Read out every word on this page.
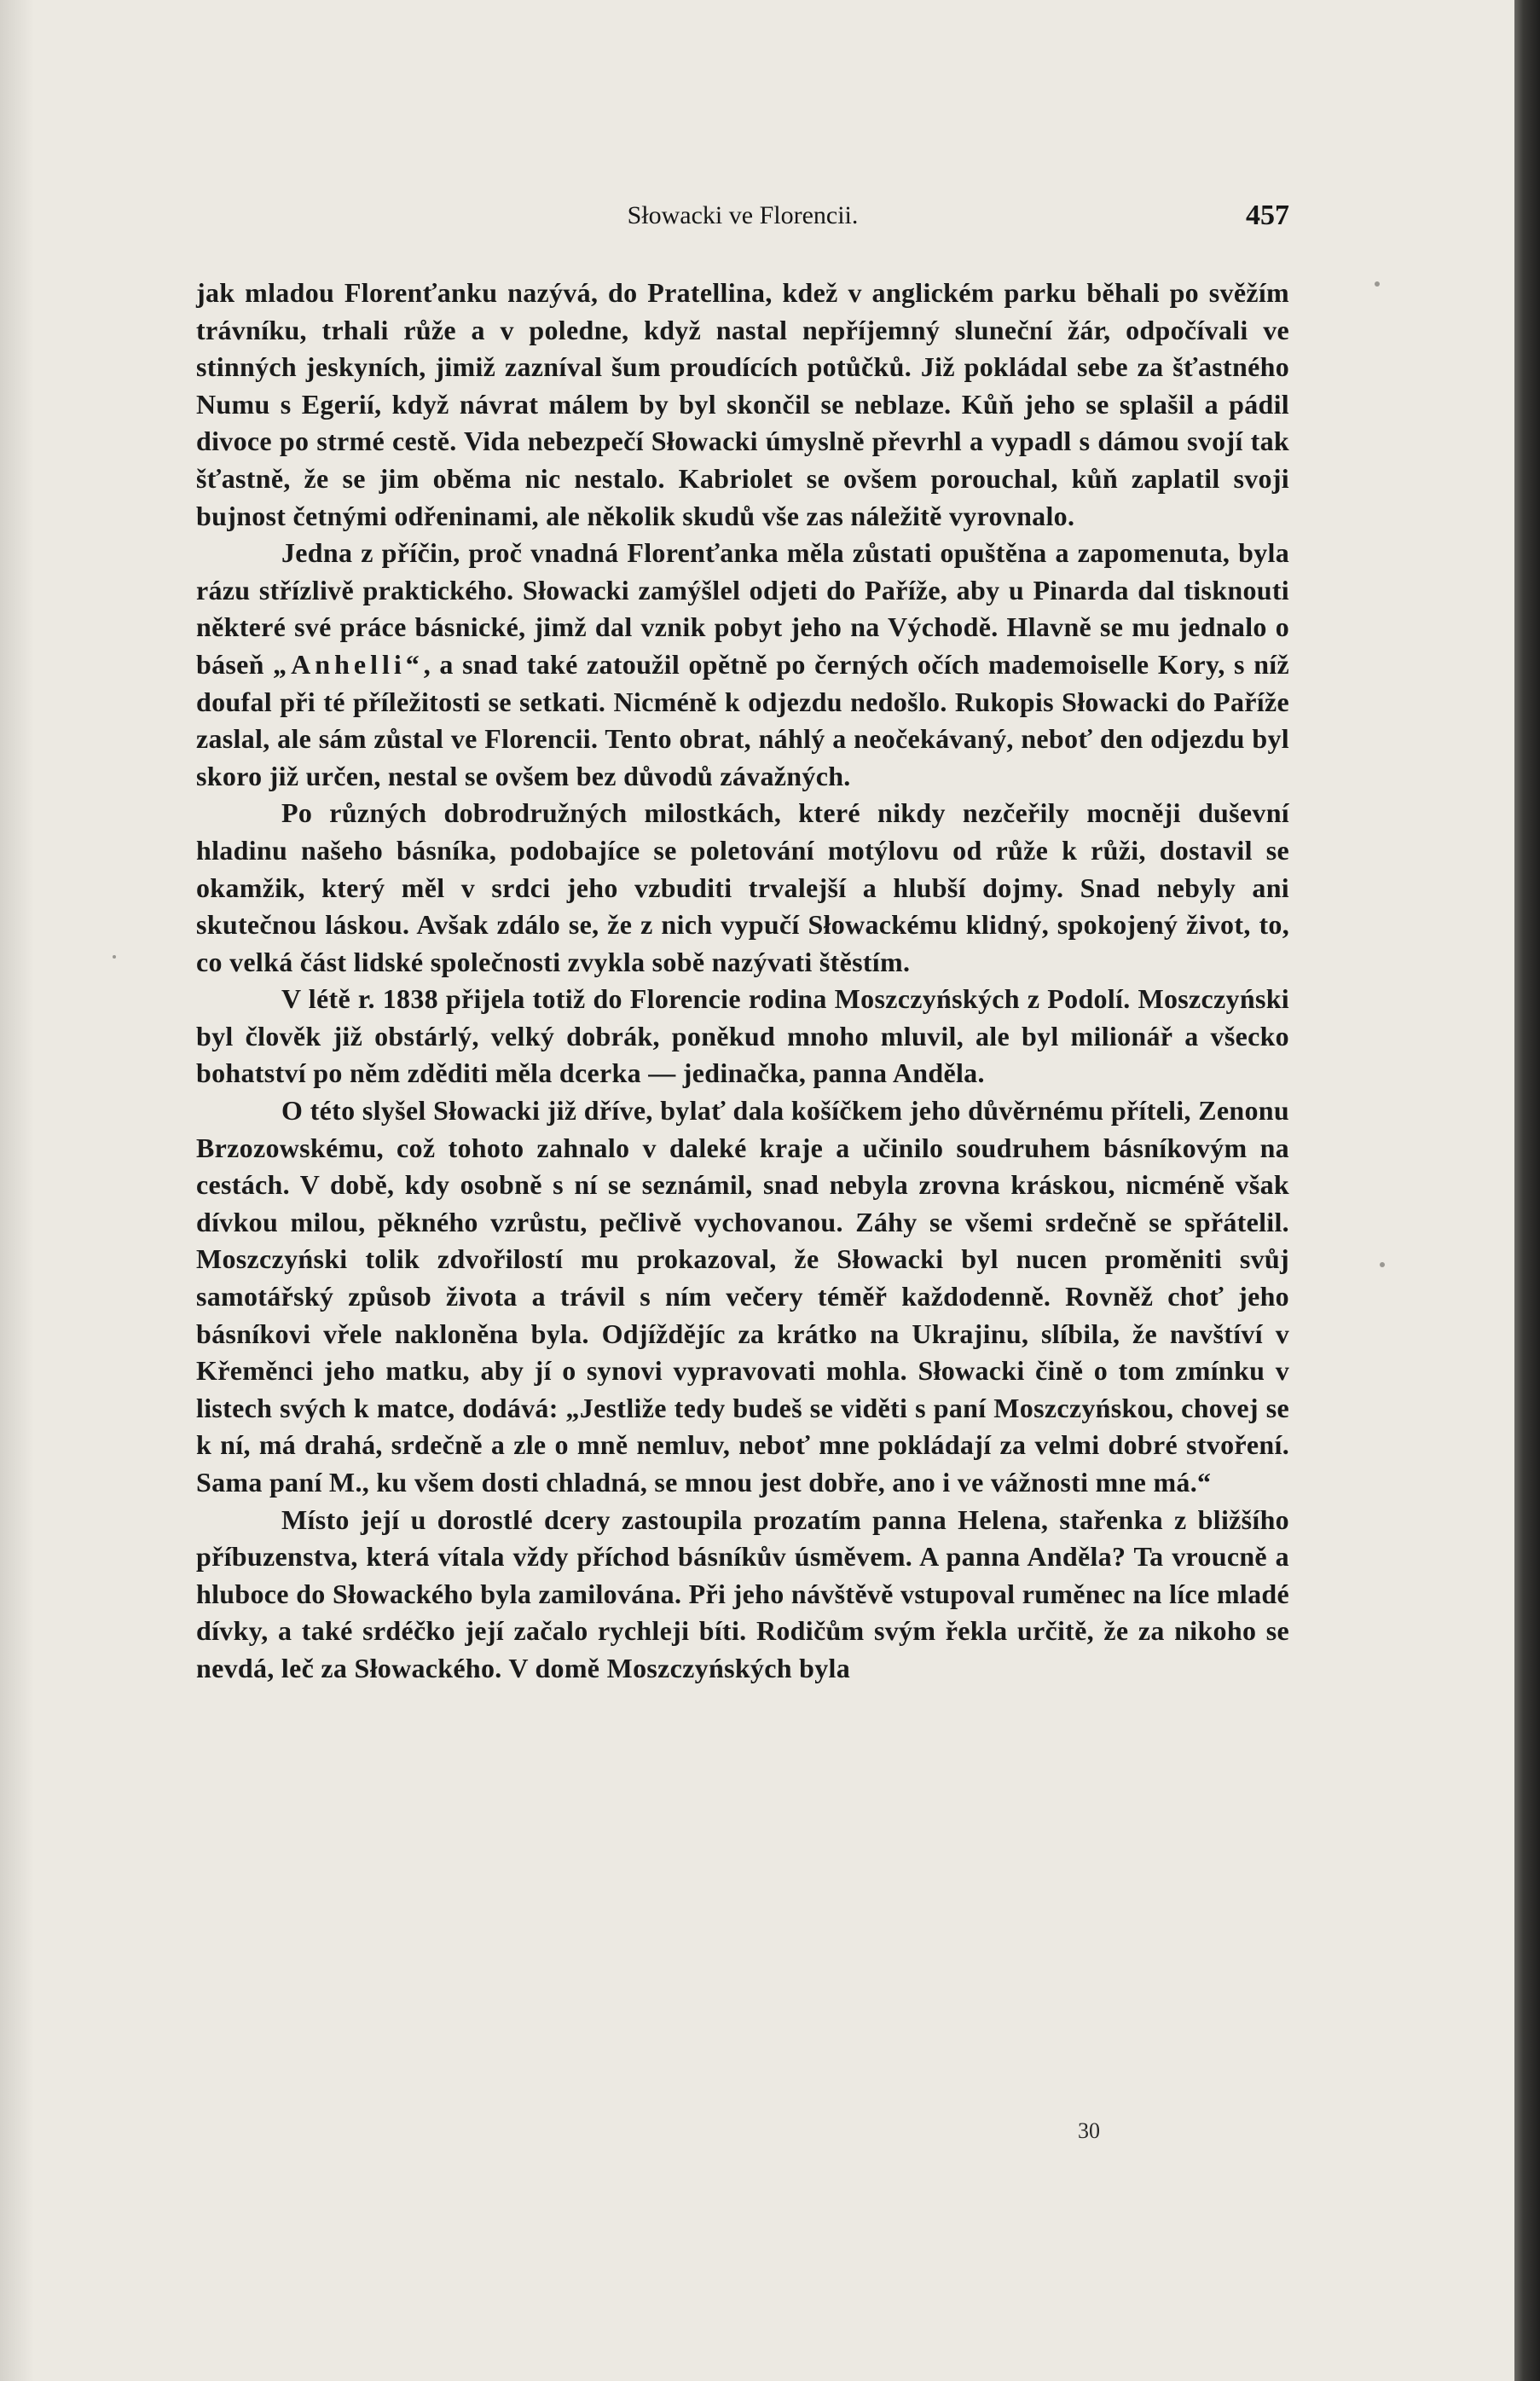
Słowacki ve Florencii.	457

jak mladou Florenťanku nazývá, do Pratellina, kdež v anglickém parku běhali po svěžím trávníku, trhali růže a v poledne, když nastal nepříjemný sluneční žár, odpočívali ve stinných jeskyních, jimiž zazníval šum proudících potůčků. Již pokládal sebe za šťastného Numu s Egerií, když návrat málem by byl skončil se neblaze. Kůň jeho se splašil a pádil divoce po strmé cestě. Vida nebezpečí Słowacki úmyslně převrhl a vypadl s dámou svojí tak šťastně, že se jim oběma nic nestalo. Kabriolet se ovšem porouchal, kůň zaplatil svoji bujnost četnými odřeninami, ale několik skudů vše zas náležitě vyrovnalo.

Jedna z příčin, proč vnadná Florenťanka měla zůstati opuštěna a zapomenuta, byla rázu střízlivě praktického. Słowacki zamýšlel odjeti do Paříže, aby u Pinarda dal tisknouti některé své práce básnické, jimž dal vznik pobyt jeho na Východě. Hlavně se mu jednalo o báseň „Anhelli“, a snad také zatoužil opětně po černých očích mademoiselle Kory, s níž doufal při té příležitosti se setkati. Nicméně k odjezdu nedošlo. Rukopis Słowacki do Paříže zaslal, ale sám zůstal ve Florencii. Tento obrat, náhlý a neočekávaný, neboť den odjezdu byl skoro již určen, nestal se ovšem bez důvodů závažných.

Po různých dobrodružných milostkách, které nikdy nezčeřily mocněji duševní hladinu našeho básníka, podobajíce se poletování motýlovu od růže k růži, dostavil se okamžik, který měl v srdci jeho vzbuditi trvalejší a hlubší dojmy. Snad nebyly ani skutečnou láskou. Avšak zdálo se, že z nich vypučí Słowackému klidný, spokojený život, to, co velká část lidské společnosti zvykla sobě nazývati štěstím.

V létě r. 1838 přijela totiž do Florencie rodina Moszczyńských z Podolí. Moszczyński byl člověk již obstárlý, velký dobrák, poněkud mnoho mluvil, ale byl milionář a všecko bohatství po něm zděditi měla dcerka — jedinačka, panna Anděla.

O této slyšel Słowacki již dříve, bylať dala košíčkem jeho důvěrnému příteli, Zenonu Brzozowskému, což tohoto zahnalo v daleké kraje a učinilo soudruhem básníkovým na cestách. V době, kdy osobně s ní se seznámil, snad nebyla zrovna kráskou, nicméně však dívkou milou, pěkného vzrůstu, pečlivě vychovanou. Záhy se všemi srdečně se spřátelil. Moszczyński tolik zdvořilostí mu prokazoval, že Słowacki byl nucen proměniti svůj samotářský způsob života a trávil s ním večery téměř každodenně. Rovněž choť jeho básníkovi vřele nakloněna byla. Odjíždějíc za krátko na Ukrajinu, slíbila, že navštíví v Křeměnci jeho matku, aby jí o synovi vypravovati mohla. Słowacki čině o tom zmínku v listech svých k matce, dodává: „Jestliže tedy budeš se viděti s paní Moszczyńskou, chovej se k ní, má drahá, srdečně a zle o mně nemluv, neboť mne pokládají za velmi dobré stvoření. Sama paní M., ku všem dosti chladná, se mnou jest dobře, ano i ve vážnosti mne má.“

Místo její u dorostlé dcery zastoupila prozatím panna Helena, stařenka z bližšího příbuzenstva, která vítala vždy příchod básníkův úsměvem. A panna Anděla? Ta vroucně a hluboce do Słowackého byla zamilována. Při jeho návštěvě vstupoval ruměnec na líce mladé dívky, a také srdéčko její začalo rychleji bíti. Rodičům svým řekla určitě, že za nikoho se nevdá, leč za Słowackého. V domě Moszczyńských byla

30
